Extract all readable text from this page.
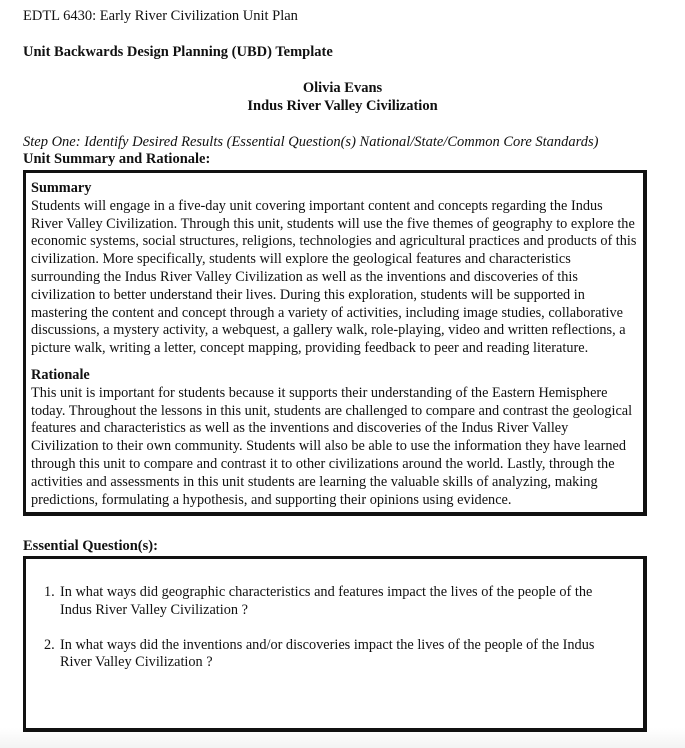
EDTL 6430: Early River Civilization Unit Plan
Unit Backwards Design Planning (UBD) Template
Olivia Evans
Indus River Valley Civilization
Step One: Identify Desired Results (Essential Question(s) National/State/Common Core Standards)
Unit Summary and Rationale:
Summary

Students will engage in a five-day unit covering important content and concepts regarding the Indus River Valley Civilization. Through this unit, students will use the five themes of geography to explore the economic systems, social structures, religions, technologies and agricultural practices and products of this civilization. More specifically, students will explore the geological features and characteristics surrounding the Indus River Valley Civilization as well as the inventions and discoveries of this civilization to better understand their lives. During this exploration, students will be supported in mastering the content and concept through a variety of activities, including image studies, collaborative discussions, a mystery activity, a webquest, a gallery walk, role-playing, video and written reflections, a picture walk, writing a letter, concept mapping, providing feedback to peer and reading literature.

Rationale

This unit is important for students because it supports their understanding of the Eastern Hemisphere today. Throughout the lessons in this unit, students are challenged to compare and contrast the geological features and characteristics as well as the inventions and discoveries of the Indus River Valley Civilization to their own community. Students will also be able to use the information they have learned through this unit to compare and contrast it to other civilizations around the world. Lastly, through the activities and assessments in this unit students are learning the valuable skills of analyzing, making predictions, formulating a hypothesis, and supporting their opinions using evidence.

Essential Question(s):
1. In what ways did geographic characteristics and features impact the lives of the people of the Indus River Valley Civilization ?
2. In what ways did the inventions and/or discoveries impact the lives of the people of the Indus River Valley Civilization ?
